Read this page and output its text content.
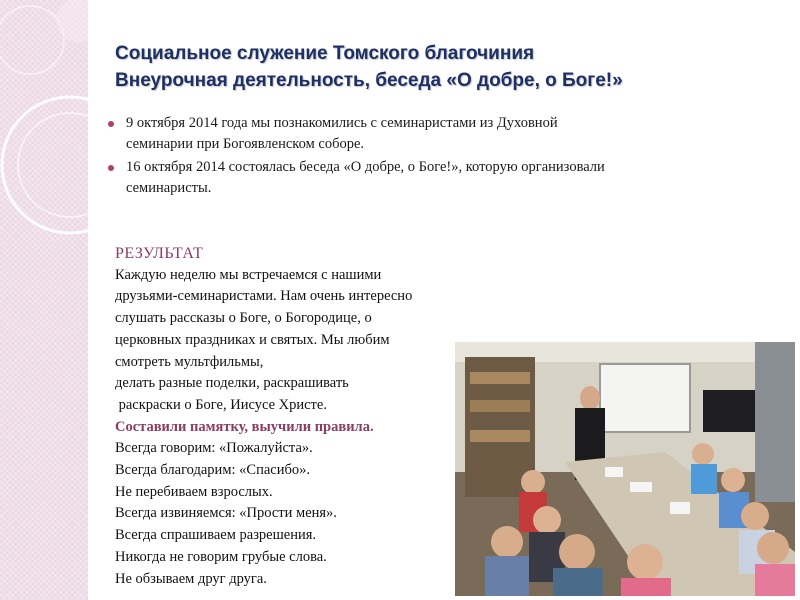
Социальное служение Томского благочиния
Внеурочная деятельность, беседа «О добре, о Боге!»
9 октября 2014 года мы познакомились с семинаристами из Духовной
семинарии при Богоявленском соборе.
16 октября 2014 состоялась беседа «О добре, о Боге!», которую организовали
семинаристы.
РЕЗУЛЬТАТ
Каждую неделю мы встречаемся с нашими
друзьями-семинаристами. Нам очень интересно
слушать рассказы о Боге, о Богородице, о
церковных праздниках и святых. Мы любим
смотреть мультфильмы,
делать разные поделки, раскрашивать
раскраски о Боге, Иисусе Христе.
Составили памятку, выучили правила.
Всегда говорим: «Пожалуйста».
Всегда благодарим: «Спасибо».
Не перебиваем взрослых.
Всегда извиняемся: «Прости меня».
Всегда спрашиваем разрешения.
Никогда не говорим грубые слова.
Не обзываем друг друга.
